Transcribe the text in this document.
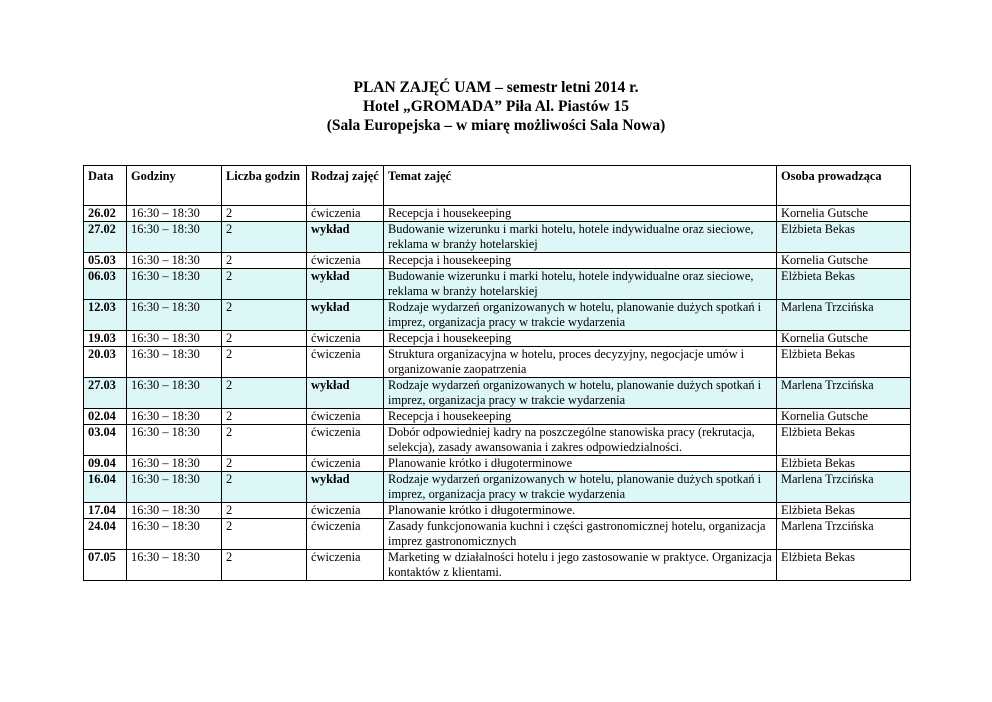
PLAN ZAJĘĆ UAM – semestr letni 2014 r.
Hotel „GROMADA” Piła Al. Piastów 15
(Sala Europejska – w miarę możliwości Sala Nowa)
Data	Godziny	Liczba godzin	Rodzaj zajęć	Temat zajęć	Osoba prowadząca
26.02	16:30 – 18:30	2	ćwiczenia	Recepcja i housekeeping	Kornelia Gutsche
27.02	16:30 – 18:30	2	wykład	Budowanie wizerunku i marki hotelu, hotele indywidualne oraz sieciowe, reklama w branży hotelarskiej	Elżbieta Bekas
05.03	16:30 – 18:30	2	ćwiczenia	Recepcja i housekeeping	Kornelia Gutsche
06.03	16:30 – 18:30	2	wykład	Budowanie wizerunku i marki hotelu, hotele indywidualne oraz sieciowe, reklama w branży hotelarskiej	Elżbieta Bekas
12.03	16:30 – 18:30	2	wykład	Rodzaje wydarzeń organizowanych w hotelu, planowanie dużych spotkań i imprez, organizacja pracy w trakcie wydarzenia	Marlena Trzcińska
19.03	16:30 – 18:30	2	ćwiczenia	Recepcja i housekeeping	Kornelia Gutsche
20.03	16:30 – 18:30	2	ćwiczenia	Struktura organizacyjna w hotelu, proces decyzyjny, negocjacje umów i organizowanie zaopatrzenia	Elżbieta Bekas
27.03	16:30 – 18:30	2	wykład	Rodzaje wydarzeń organizowanych w hotelu, planowanie dużych spotkań i imprez, organizacja pracy w trakcie wydarzenia	Marlena Trzcińska
02.04	16:30 – 18:30	2	ćwiczenia	Recepcja i housekeeping	Kornelia Gutsche
03.04	16:30 – 18:30	2	ćwiczenia	Dobór odpowiedniej kadry na poszczególne stanowiska pracy (rekrutacja, selekcja), zasady awansowania i zakres odpowiedzialności.	Elżbieta Bekas
09.04	16:30 – 18:30	2	ćwiczenia	Planowanie krótko i długoterminowe	Elżbieta Bekas
16.04	16:30 – 18:30	2	wykład	Rodzaje wydarzeń organizowanych w hotelu, planowanie dużych spotkań i imprez, organizacja pracy w trakcie wydarzenia	Marlena Trzcińska
17.04	16:30 – 18:30	2	ćwiczenia	Planowanie krótko i długoterminowe.	Elżbieta Bekas
24.04	16:30 – 18:30	2	ćwiczenia	Zasady funkcjonowania kuchni i części gastronomicznej hotelu, organizacja imprez gastronomicznych	Marlena Trzcińska
07.05	16:30 – 18:30	2	ćwiczenia	Marketing w działalności hotelu i jego zastosowanie w praktyce. Organizacja kontaktów z klientami.	Elżbieta Bekas
